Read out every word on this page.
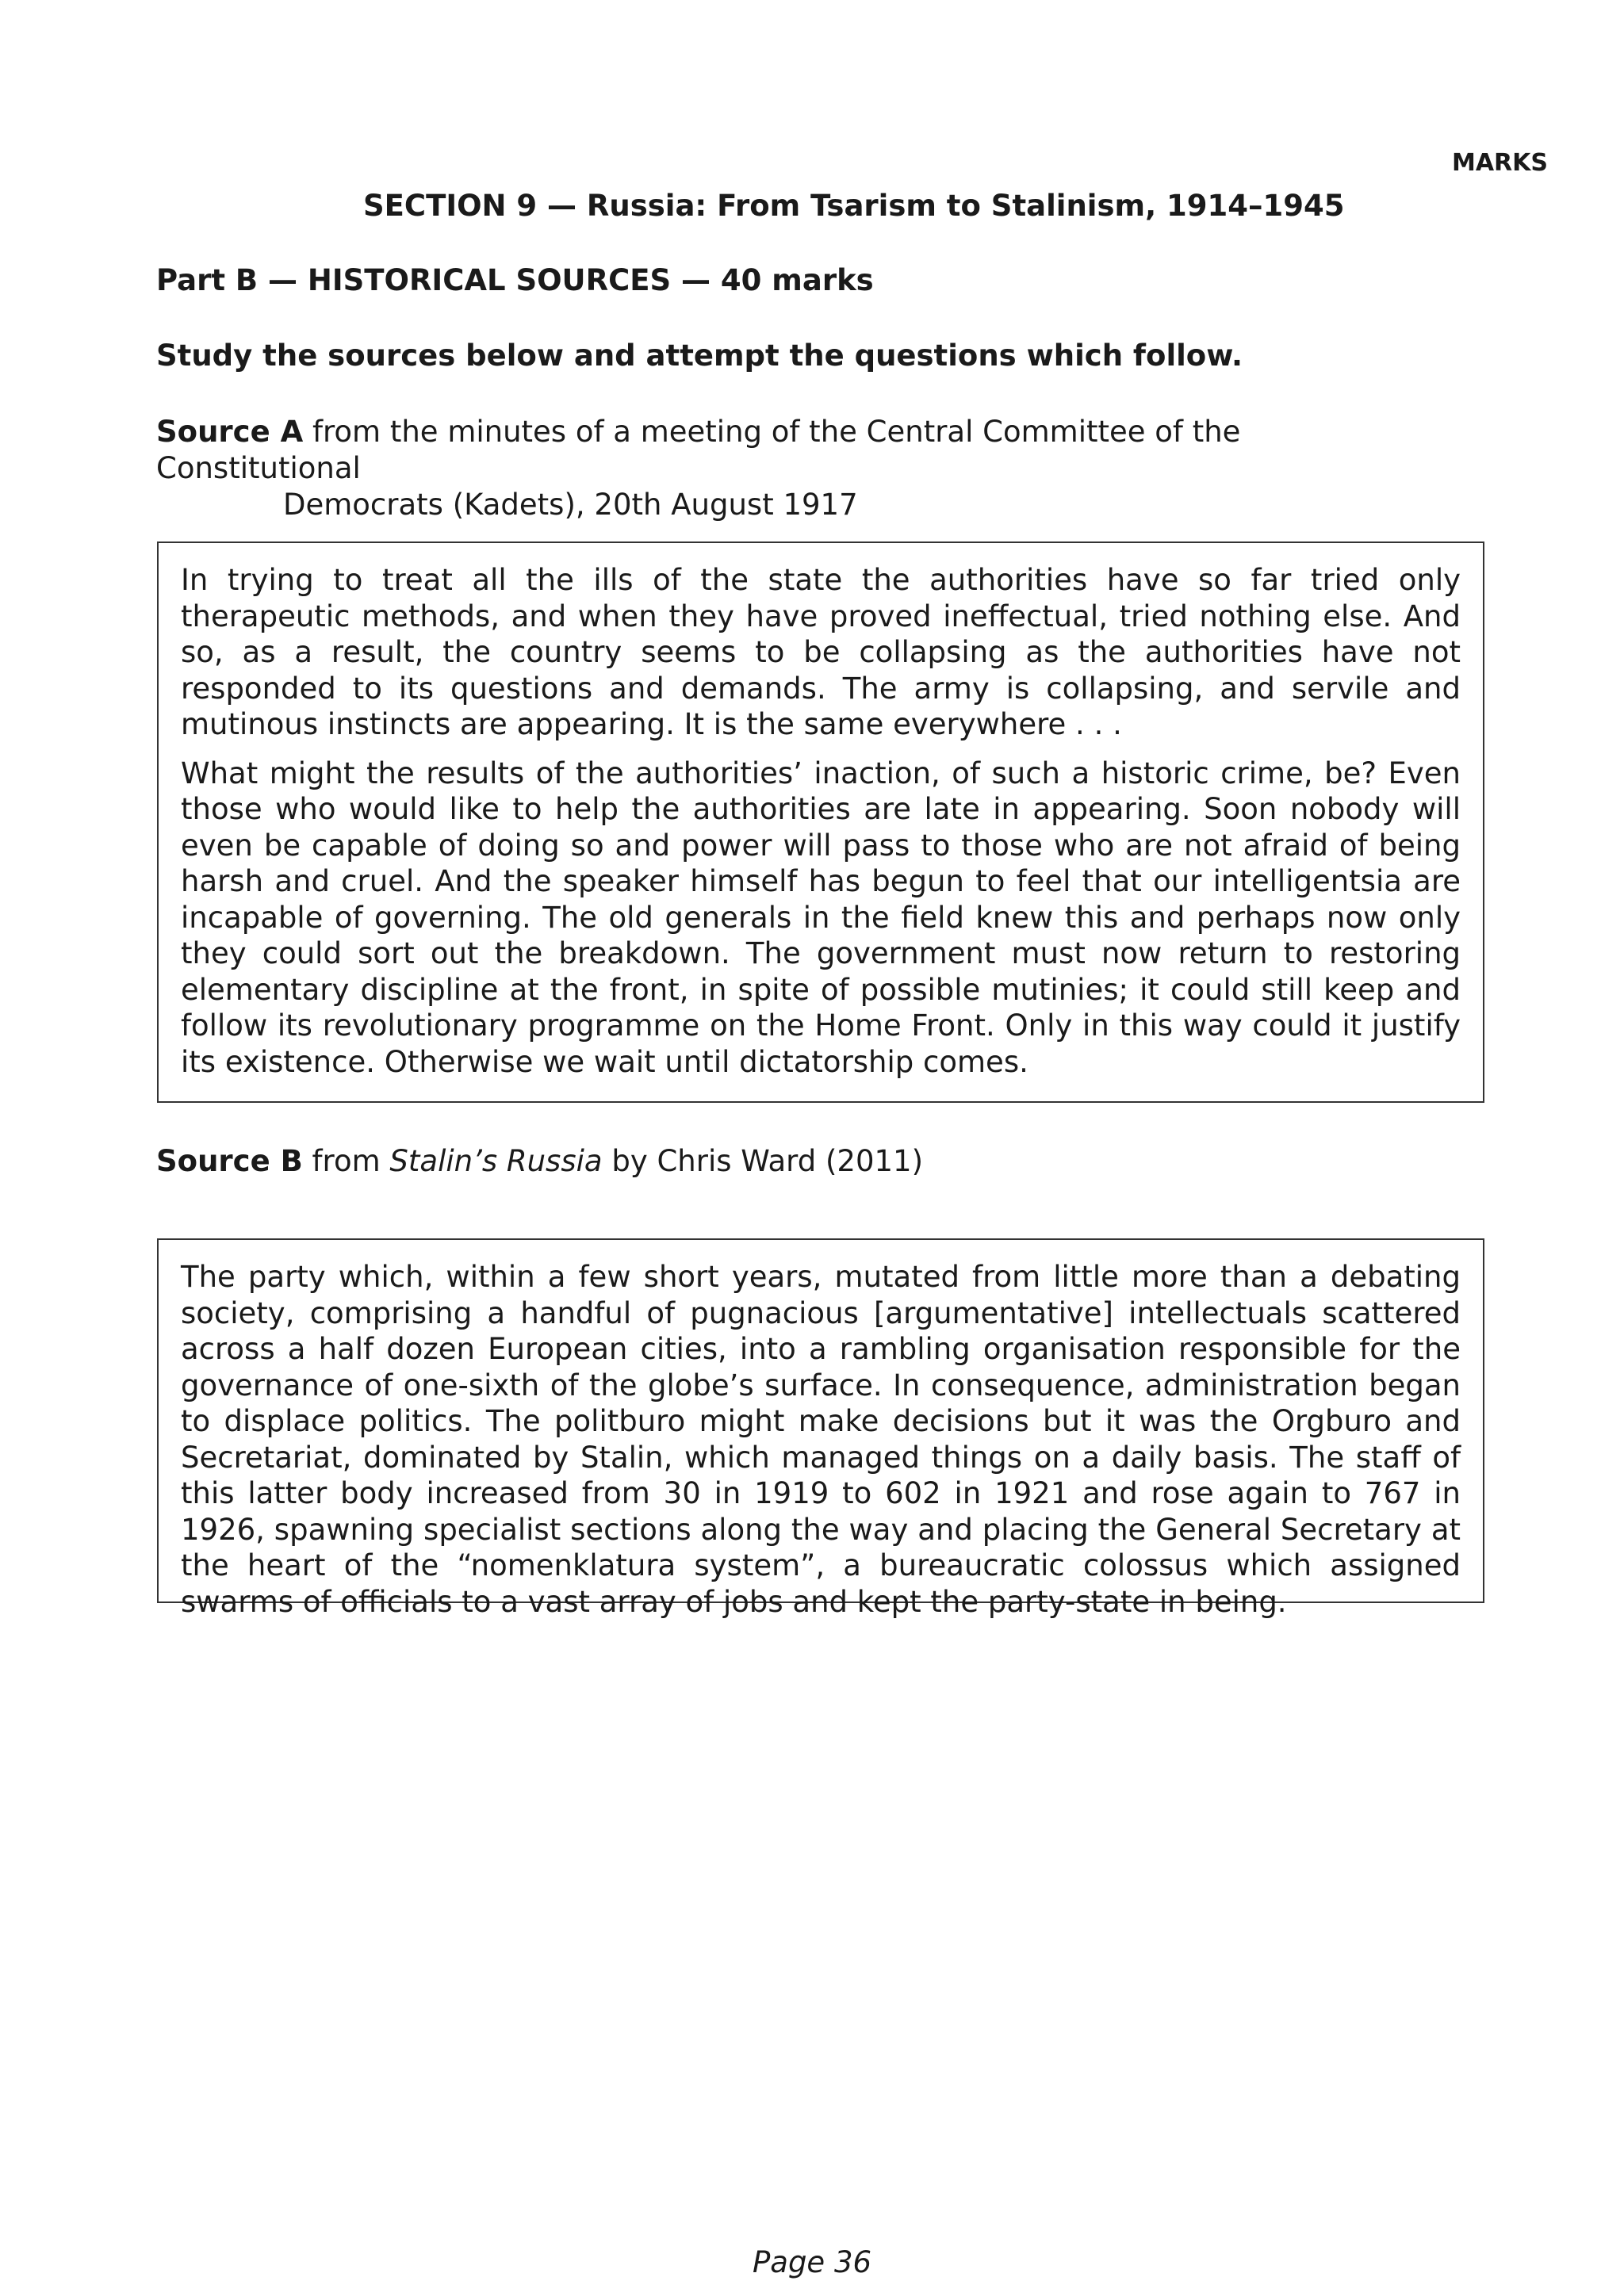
MARKS
SECTION 9 — Russia: From Tsarism to Stalinism, 1914–1945
Part B — HISTORICAL SOURCES — 40 marks
Study the sources below and attempt the questions which follow.
Source A from the minutes of a meeting of the Central Committee of the Constitutional
Democrats (Kadets), 20th August 1917

In trying to treat all the ills of the state the authorities have so far tried only therapeutic methods, and when they have proved ineffectual, tried nothing else. And so, as a result, the country seems to be collapsing as the authorities have not responded to its questions and demands. The army is collapsing, and servile and mutinous instincts are appearing. It is the same everywhere . . .

What might the results of the authorities’ inaction, of such a historic crime, be? Even those who would like to help the authorities are late in appearing. Soon nobody will even be capable of doing so and power will pass to those who are not afraid of being harsh and cruel. And the speaker himself has begun to feel that our intelligentsia are incapable of governing. The old generals in the field knew this and perhaps now only they could sort out the breakdown. The government must now return to restoring elementary discipline at the front, in spite of possible mutinies; it could still keep and follow its revolutionary programme on the Home Front. Only in this way could it justify its existence. Otherwise we wait until dictatorship comes.

Source B from Stalin’s Russia by Chris Ward (2011)

The party which, within a few short years, mutated from little more than a debating society, comprising a handful of pugnacious [argumentative] intellectuals scattered across a half dozen European cities, into a rambling organisation responsible for the governance of one-sixth of the globe’s surface. In consequence, administration began to displace politics. The politburo might make decisions but it was the Orgburo and Secretariat, dominated by Stalin, which managed things on a daily basis. The staff of this latter body increased from 30 in 1919 to 602 in 1921 and rose again to 767 in 1926, spawning specialist sections along the way and placing the General Secretary at the heart of the “nomenklatura system”, a bureaucratic colossus which assigned swarms of officials to a vast array of jobs and kept the party-state in being.

Page 36
